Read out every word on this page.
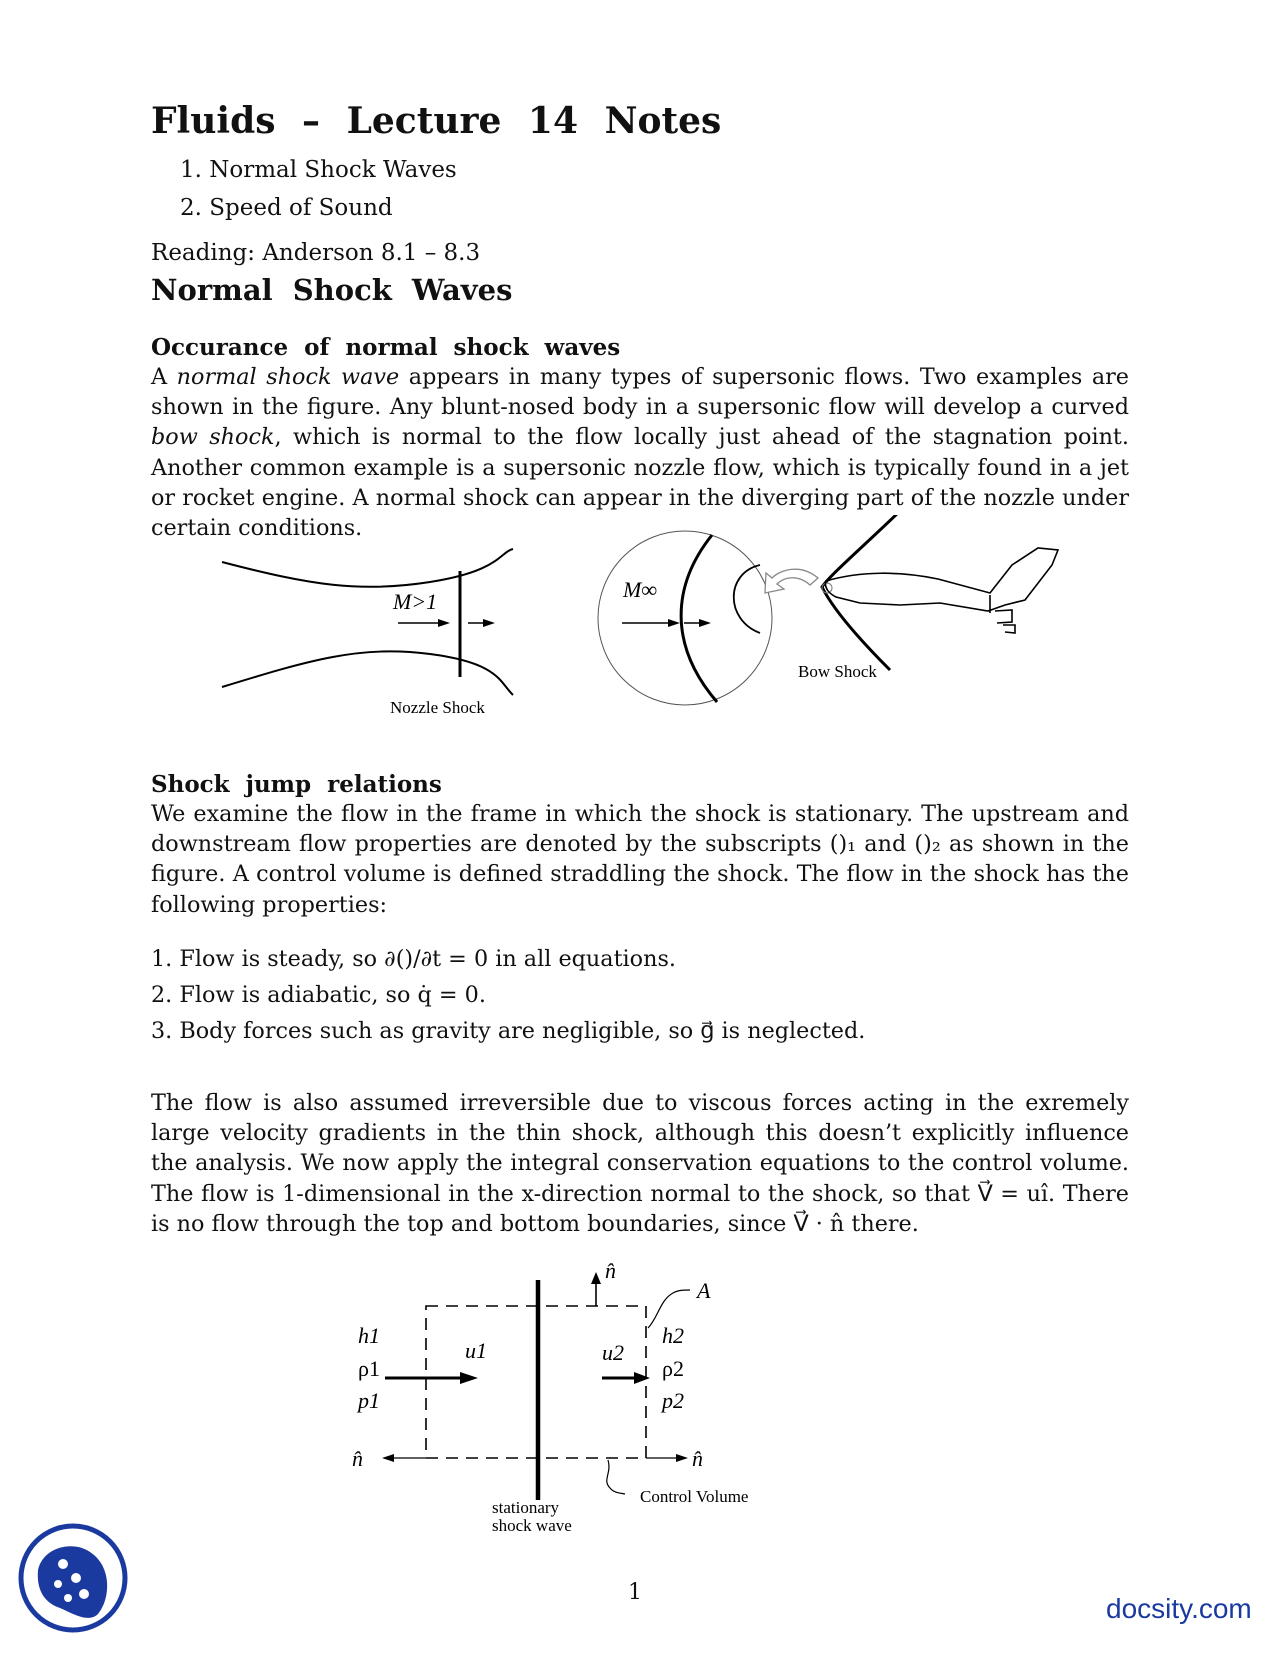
Fluids – Lecture 14 Notes
1. Normal Shock Waves
2. Speed of Sound
Reading: Anderson 8.1 – 8.3
Normal Shock Waves
Occurance of normal shock waves
A normal shock wave appears in many types of supersonic flows. Two examples are shown in the figure. Any blunt-nosed body in a supersonic flow will develop a curved bow shock, which is normal to the flow locally just ahead of the stagnation point. Another common example is a supersonic nozzle flow, which is typically found in a jet or rocket engine. A normal shock can appear in the diverging part of the nozzle under certain conditions.
M>1
Nozzle Shock
M∞
Bow Shock
Shock jump relations
We examine the flow in the frame in which the shock is stationary. The upstream and downstream flow properties are denoted by the subscripts ()₁ and ()₂ as shown in the figure. A control volume is defined straddling the shock. The flow in the shock has the following properties:
1. Flow is steady, so ∂()/∂t = 0 in all equations.
2. Flow is adiabatic, so q̇ = 0.
3. Body forces such as gravity are negligible, so g⃗ is neglected.
The flow is also assumed irreversible due to viscous forces acting in the exremely large velocity gradients in the thin shock, although this doesn’t explicitly influence the analysis. We now apply the integral conservation equations to the control volume. The flow is 1-dimensional in the x-direction normal to the shock, so that V⃗ = uî. There is no flow through the top and bottom boundaries, since V⃗ · n̂ there.
n̂
A
h1
ρ1
p1
u1
h2
ρ2
p2
u2
n̂	n̂
Control Volume
stationary
shock wave
1
docsity.com
